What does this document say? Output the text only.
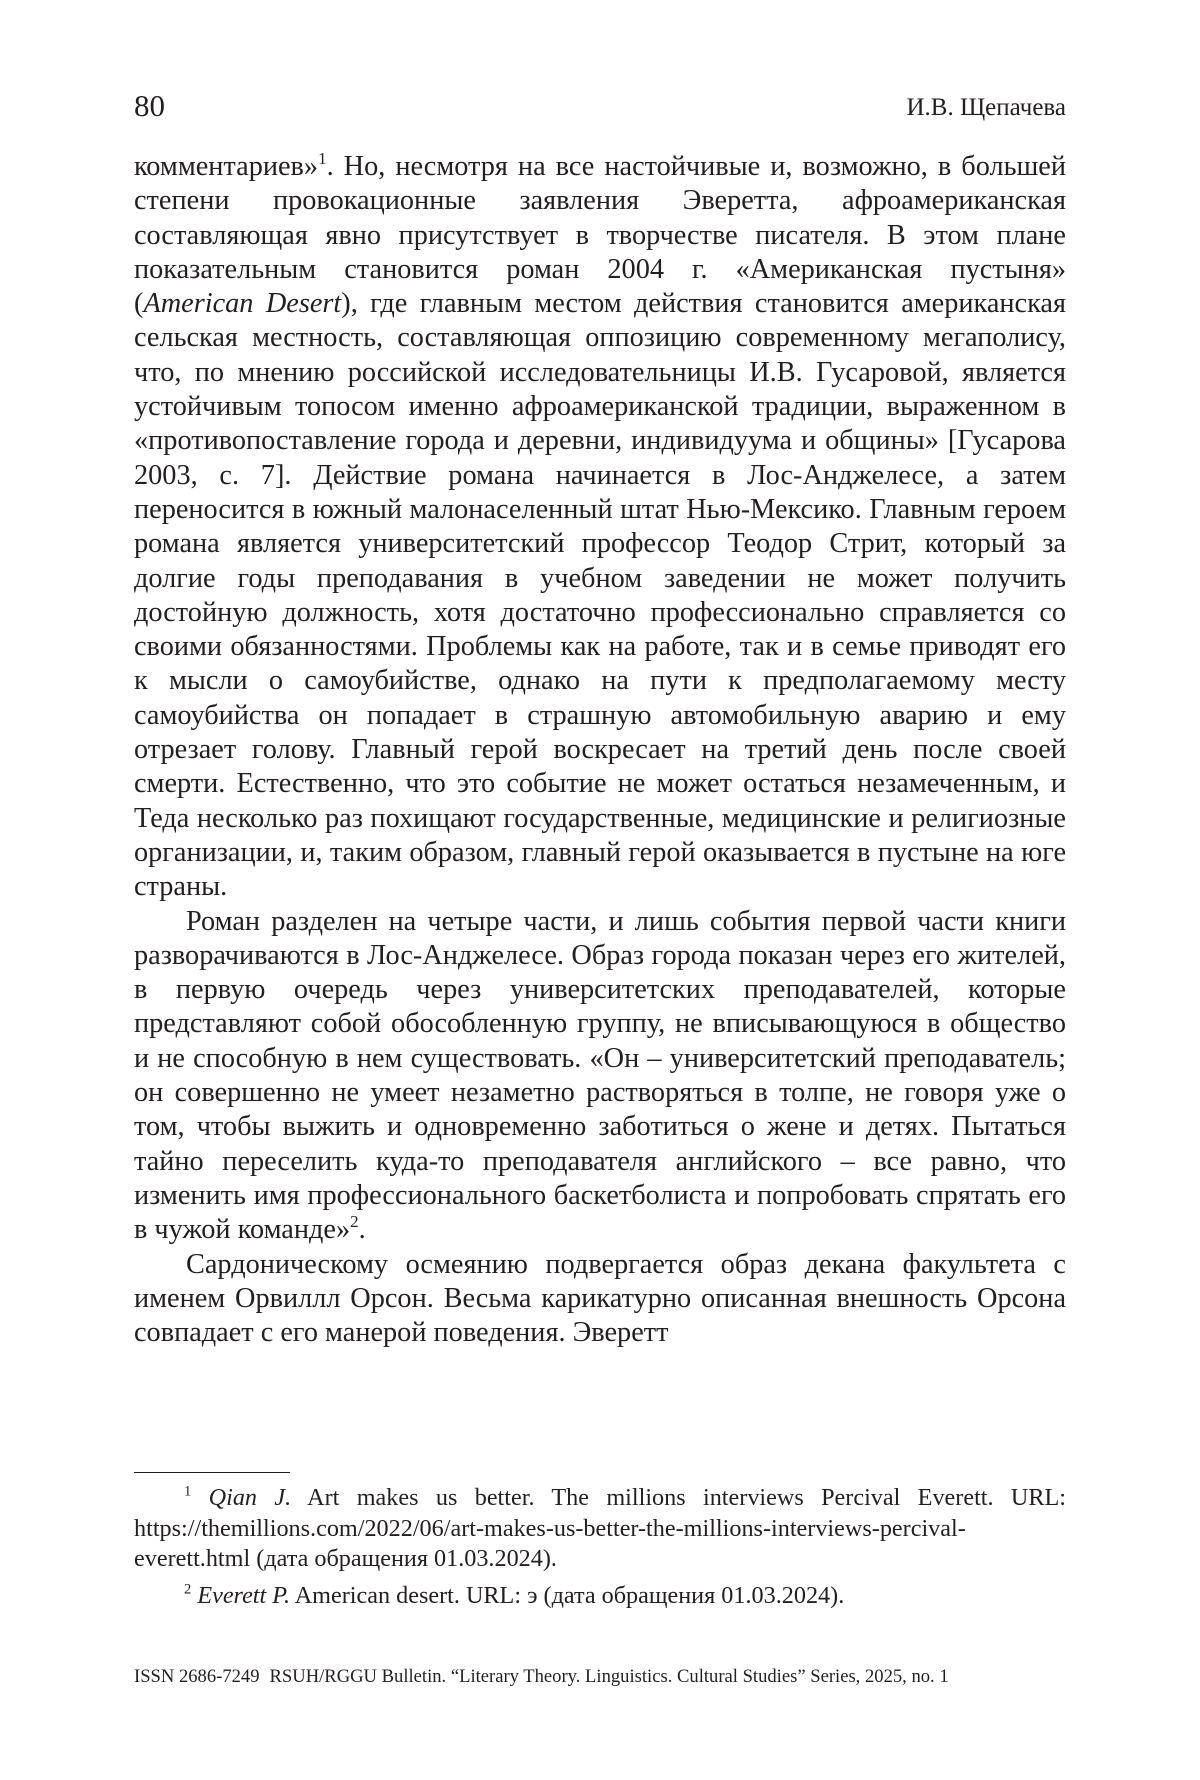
80	И.В. Щепачева

комментариев»1. Но, несмотря на все настойчивые и, возможно, в большей степени провокационные заявления Эверетта, афроамериканская составляющая явно присутствует в творчестве писателя. В этом плане показательным становится роман 2004 г. «Американская пустыня» (American Desert), где главным местом действия становится американская сельская местность, составляющая оппозицию современному мегаполису, что, по мнению российской исследовательницы И.В. Гусаровой, является устойчивым топосом именно афроамериканской традиции, выраженном в «противопоставление города и деревни, индивидуума и общины» [Гусарова 2003, с. 7]. Действие романа начинается в Лос-Анджелесе, а затем переносится в южный малонаселенный штат Нью-Мексико. Главным героем романа является университетский профессор Теодор Стрит, который за долгие годы преподавания в учебном заведении не может получить достойную должность, хотя достаточно профессионально справляется со своими обязанностями. Проблемы как на работе, так и в семье приводят его к мысли о самоубийстве, однако на пути к предполагаемому месту самоубийства он попадает в страшную автомобильную аварию и ему отрезает голову. Главный герой воскресает на третий день после своей смерти. Естественно, что это событие не может остаться незамеченным, и Теда несколько раз похищают государственные, медицинские и религиозные организации, и, таким образом, главный герой оказывается в пустыне на юге страны.

Роман разделен на четыре части, и лишь события первой части книги разворачиваются в Лос-Анджелесе. Образ города показан через его жителей, в первую очередь через университетских преподавателей, которые представляют собой обособленную группу, не вписывающуюся в общество и не способную в нем существовать. «Он – университетский преподаватель; он совершенно не умеет незаметно растворяться в толпе, не говоря уже о том, чтобы выжить и одновременно заботиться о жене и детях. Пытаться тайно переселить куда-то преподавателя английского – все равно, что изменить имя профессионального баскетболиста и попробовать спрятать его в чужой команде»2.

Сардоническому осмеянию подвергается образ декана факультета с именем Орвиллл Орсон. Весьма карикатурно описанная внешность Орсона совпадает с его манерой поведения. Эверетт

1 Qian J. Art makes us better. The millions interviews Percival Everett. URL: https://themillions.com/2022/06/art-makes-us-better-the-millions-interviews-percival-everett.html (дата обращения 01.03.2024).

2 Everett P. American desert. URL: э (дата обращения 01.03.2024).

ISSN 2686-7249 RSUH/RGGU Bulletin. “Literary Theory. Linguistics. Cultural Studies” Series, 2025, no. 1
